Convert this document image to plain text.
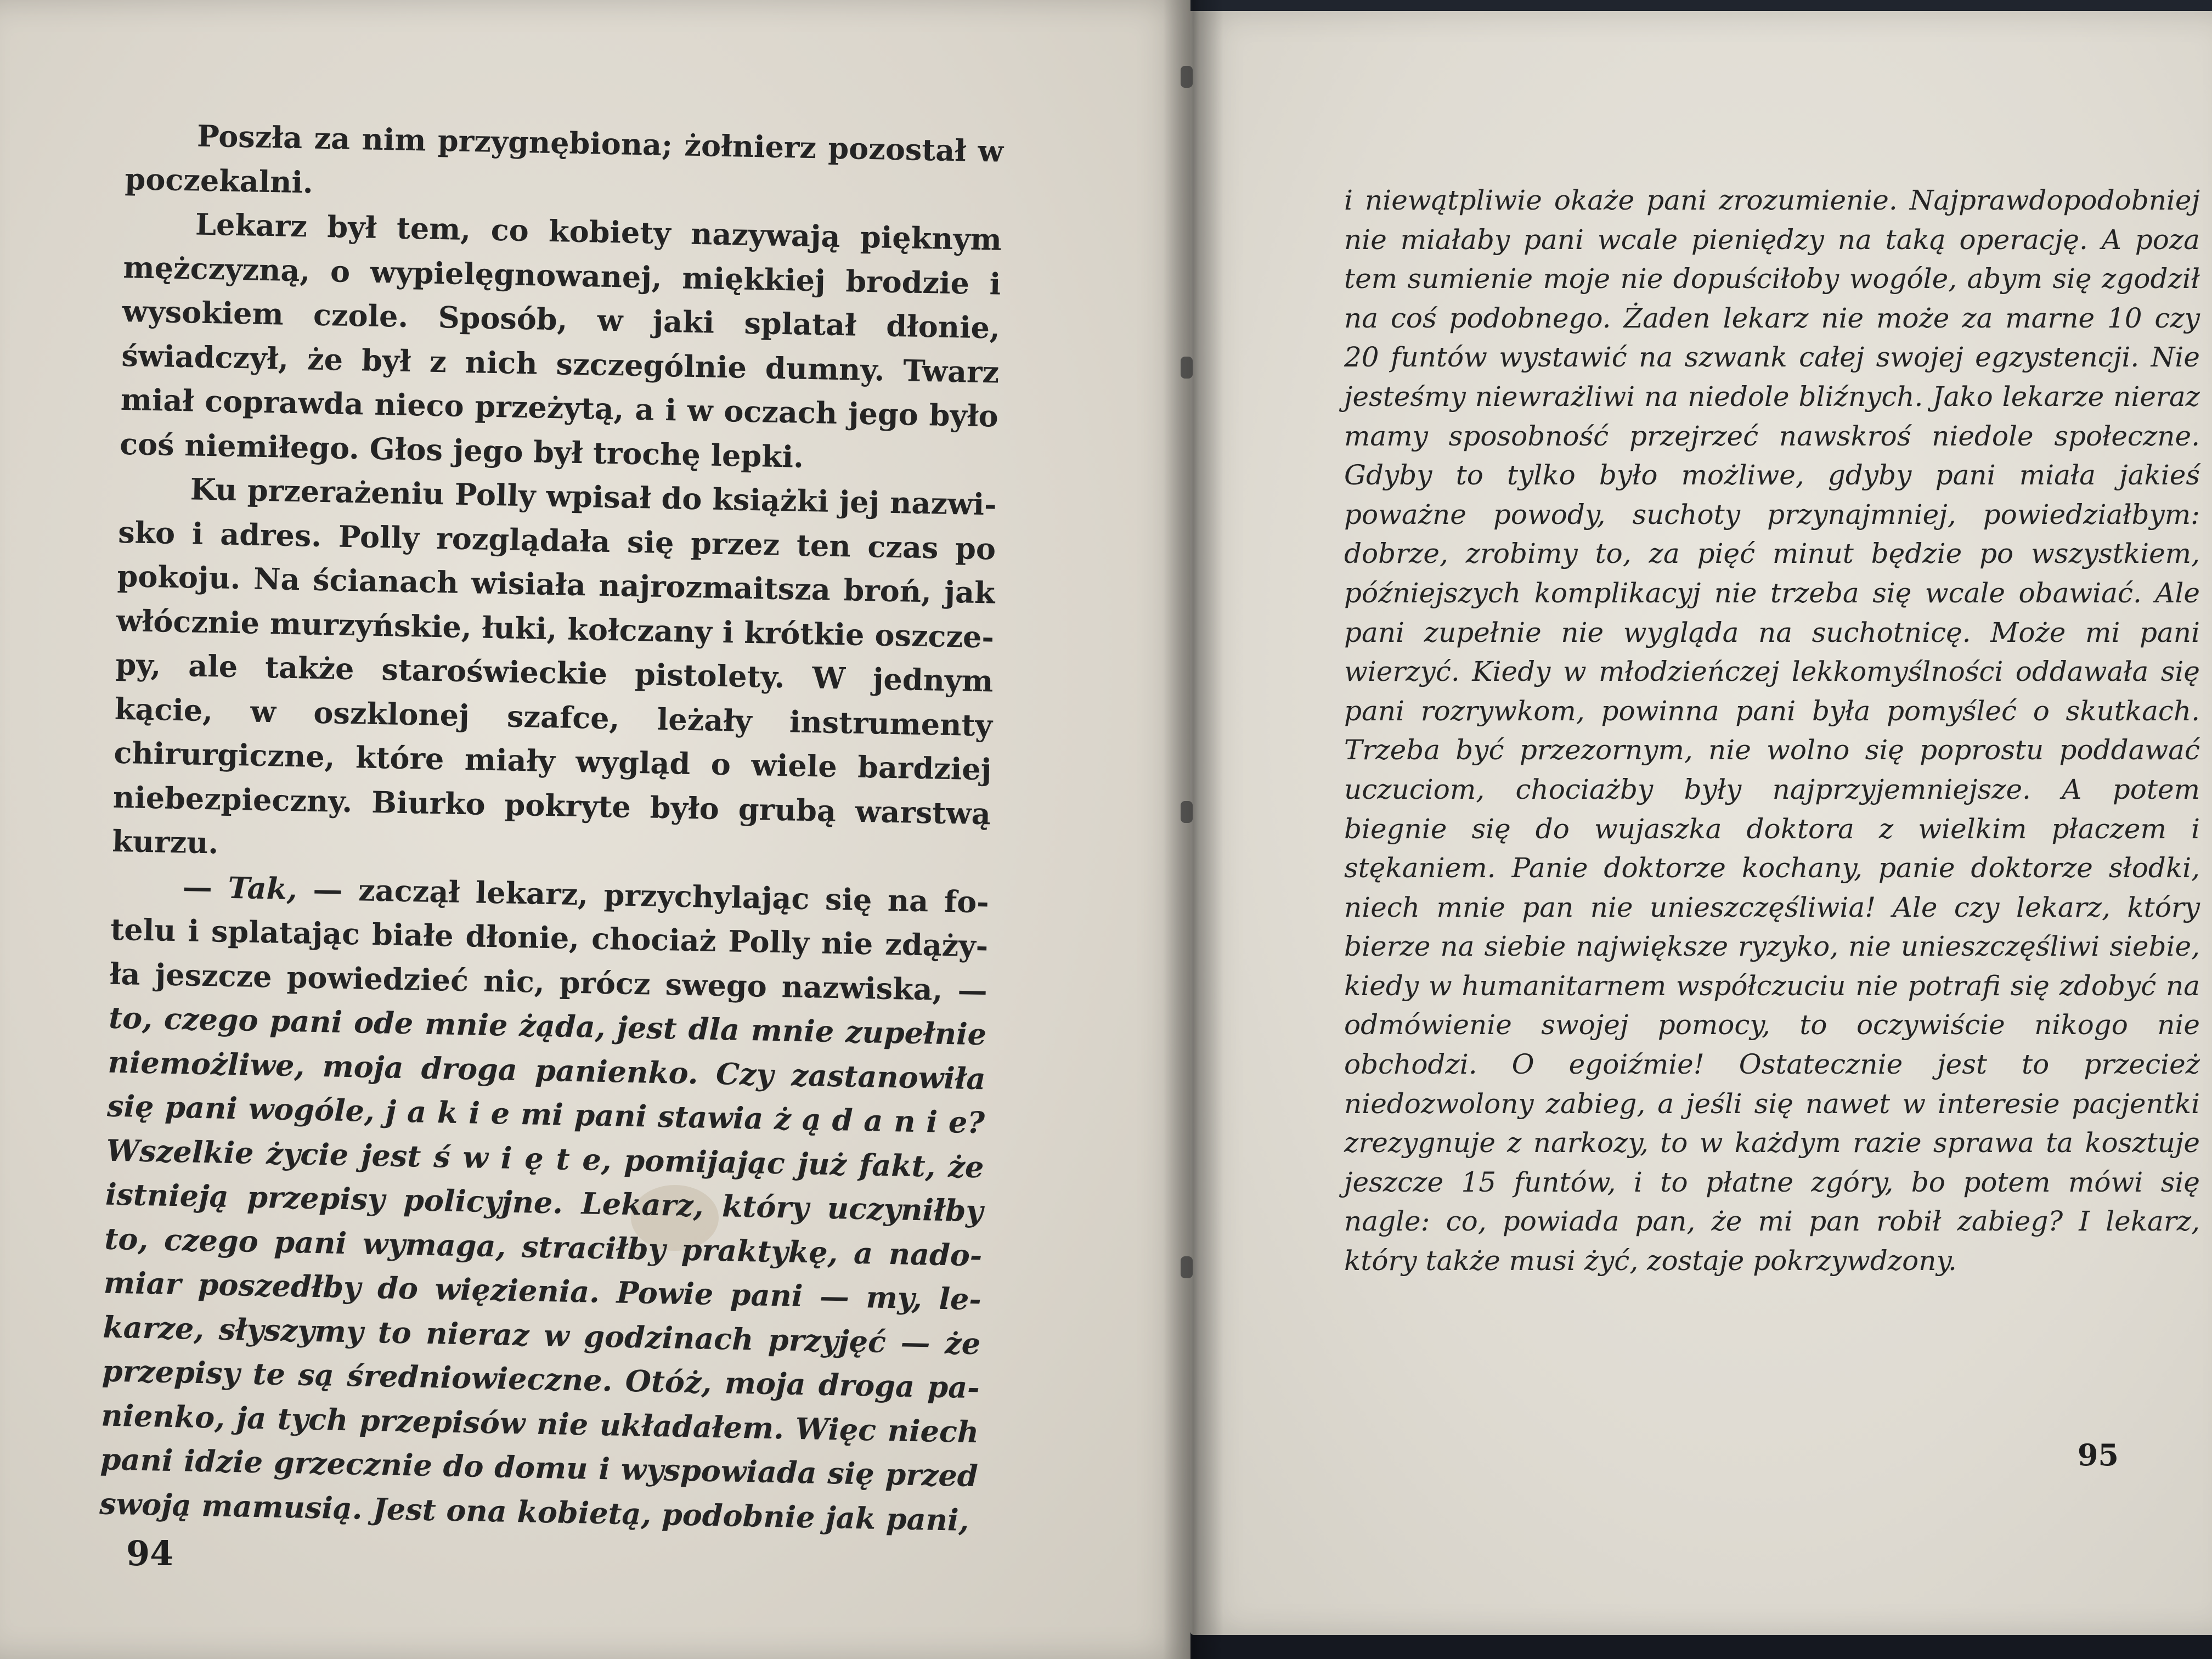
Poszła za nim przygnębiona; żołnierz pozostał w poczekalni.

Lekarz był tem, co kobiety nazywają pięknym mężczyzną, o wypielęgnowanej, miękkiej brodzie i wysokiem czole. Sposób, w jaki splatał dłonie, świadczył, że był z nich szczególnie dumny. Twarz miał coprawda nieco przeżytą, a i w oczach jego było coś niemiłego. Głos jego był trochę lepki.

Ku przerażeniu Polly wpisał do książki jej nazwisko i adres. Polly rozglądała się przez ten czas po pokoju. Na ścianach wisiała najrozmaitsza broń, jak włócznie murzyńskie, łuki, kołczany i krótkie oszczepy, ale także staroświeckie pistolety. W jednym kącie, w oszklonej szafce, leżały instrumenty chirurgiczne, które miały wygląd o wiele bardziej niebezpieczny. Biurko pokryte było grubą warstwą kurzu.

— Tak, — zaczął lekarz, przychylając się na fotelu i splatając białe dłonie, chociaż Polly nie zdążyła jeszcze powiedzieć nic, prócz swego nazwiska, — to, czego pani ode mnie żąda, jest dla mnie zupełnie niemożliwe, moja droga panienko. Czy zastanowiła się pani wogóle, j a k i e mi pani stawia ż ą d a n i e? Wszelkie życie jest ś w i ę t e, pomijając już fakt, że istnieją przepisy policyjne. Lekarz, który uczyniłby to, czego pani wymaga, straciłby praktykę, a nadomiar poszedłby do więzienia. Powie pani — my, lekarze, słyszymy to nieraz w godzinach przyjęć — że przepisy te są średniowieczne. Otóż, moja droga panienko, ja tych przepisów nie układałem. Więc niech pani idzie grzecznie do domu i wyspowiada się przed swoją mamusią. Jest ona kobietą, podobnie jak pani,

94

i niewątpliwie okaże pani zrozumienie. Najprawdopodobniej nie miałaby pani wcale pieniędzy na taką operację. A poza tem sumienie moje nie dopuściłoby wogóle, abym się zgodził na coś podobnego. Żaden lekarz nie może za marne 10 czy 20 funtów wystawić na szwank całej swojej egzystencji. Nie jesteśmy niewrażliwi na niedole bliźnych. Jako lekarze nieraz mamy sposobność przejrzeć nawskroś niedole społeczne. Gdyby to tylko było możliwe, gdyby pani miała jakieś poważne powody, suchoty przynajmniej, powiedziałbym: dobrze, zrobimy to, za pięć minut będzie po wszystkiem, późniejszych komplikacyj nie trzeba się wcale obawiać. Ale pani zupełnie nie wygląda na suchotnicę. Może mi pani wierzyć. Kiedy w młodzieńczej lekkomyślności oddawała się pani rozrywkom, powinna pani była pomyśleć o skutkach. Trzeba być przezornym, nie wolno się poprostu poddawać uczuciom, chociażby były najprzyjemniejsze. A potem biegnie się do wujaszka doktora z wielkim płaczem i stękaniem. Panie doktorze kochany, panie doktorze słodki, niech mnie pan nie unieszczęśliwia! Ale czy lekarz, który bierze na siebie największe ryzyko, nie unieszczęśliwi siebie, kiedy w humanitarnem współczuciu nie potrafi się zdobyć na odmówienie swojej pomocy, to oczywiście nikogo nie obchodzi. O egoiźmie! Ostatecznie jest to przecież niedozwolony zabieg, a jeśli się nawet w interesie pacjentki zrezygnuje z narkozy, to w każdym razie sprawa ta kosztuje jeszcze 15 funtów, i to płatne zgóry, bo potem mówi się nagle: co, powiada pan, że mi pan robił zabieg? I lekarz, który także musi żyć, zostaje pokrzywdzony.

95
